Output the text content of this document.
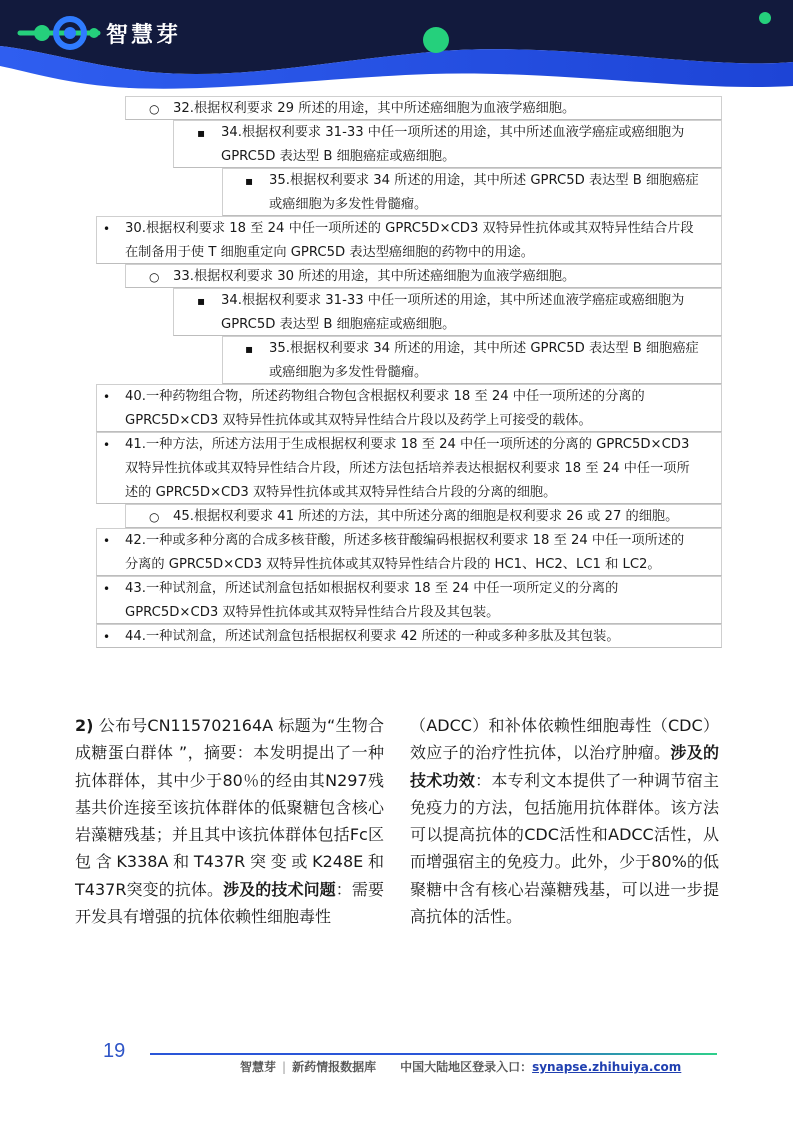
智慧芽
○ 32.根据权利要求 29 所述的用途，其中所述癌细胞为血液学癌细胞。
▪ 34.根据权利要求 31-33 中任一项所述的用途，其中所述血液学癌症或癌细胞为
GPRC5D 表达型 B 细胞癌症或癌细胞。
▪ 35.根据权利要求 34 所述的用途，其中所述 GPRC5D 表达型 B 细胞癌症
或癌细胞为多发性骨髓瘤。
• 30.根据权利要求 18 至 24 中任一项所述的 GPRC5D×CD3 双特异性抗体或其双特异性结合片段
在制备用于使 T 细胞重定向 GPRC5D 表达型癌细胞的药物中的用途。
○ 33.根据权利要求 30 所述的用途，其中所述癌细胞为血液学癌细胞。
▪ 34.根据权利要求 31-33 中任一项所述的用途，其中所述血液学癌症或癌细胞为
GPRC5D 表达型 B 细胞癌症或癌细胞。
▪ 35.根据权利要求 34 所述的用途，其中所述 GPRC5D 表达型 B 细胞癌症
或癌细胞为多发性骨髓瘤。
• 40.一种药物组合物，所述药物组合物包含根据权利要求 18 至 24 中任一项所述的分离的
GPRC5D×CD3 双特异性抗体或其双特异性结合片段以及药学上可接受的载体。
• 41.一种方法，所述方法用于生成根据权利要求 18 至 24 中任一项所述的分离的 GPRC5D×CD3
双特异性抗体或其双特异性结合片段，所述方法包括培养表达根据权利要求 18 至 24 中任一项所
述的 GPRC5D×CD3 双特异性抗体或其双特异性结合片段的分离的细胞。
○ 45.根据权利要求 41 所述的方法，其中所述分离的细胞是权利要求 26 或 27 的细胞。
• 42.一种或多种分离的合成多核苷酸，所述多核苷酸编码根据权利要求 18 至 24 中任一项所述的
分离的 GPRC5D×CD3 双特异性抗体或其双特异性结合片段的 HC1、HC2、LC1 和 LC2。
• 43.一种试剂盒，所述试剂盒包括如根据权利要求 18 至 24 中任一项所定义的分离的
GPRC5D×CD3 双特异性抗体或其双特异性结合片段及其包装。
• 44.一种试剂盒，所述试剂盒包括根据权利要求 42 所述的一种或多种多肽及其包装。
2) 公布号CN115702164A 标题为“生物合成糖蛋白群体 ”，摘要：本发明提出了一种抗体群体，其中少于80％的经由其N297残基共价连接至该抗体群体的低聚糖包含核心岩藻糖残基；并且其中该抗体群体包括Fc区包含K338A和T437R突变或K248E和T437R突变的抗体。涉及的技术问题：需要开发具有增强的抗体依赖性细胞毒性
（ADCC）和补体依赖性细胞毒性（CDC）效应子的治疗性抗体，以治疗肿瘤。涉及的技术功效：本专利文本提供了一种调节宿主免疫力的方法，包括施用抗体群体。该方法可以提高抗体的CDC活性和ADCC活性，从而增强宿主的免疫力。此外，少于80%的低聚糖中含有核心岩藻糖残基，可以进一步提高抗体的活性。
19
智慧芽 | 新药情报数据库 中国大陆地区登录入口：synapse.zhihuiya.com
